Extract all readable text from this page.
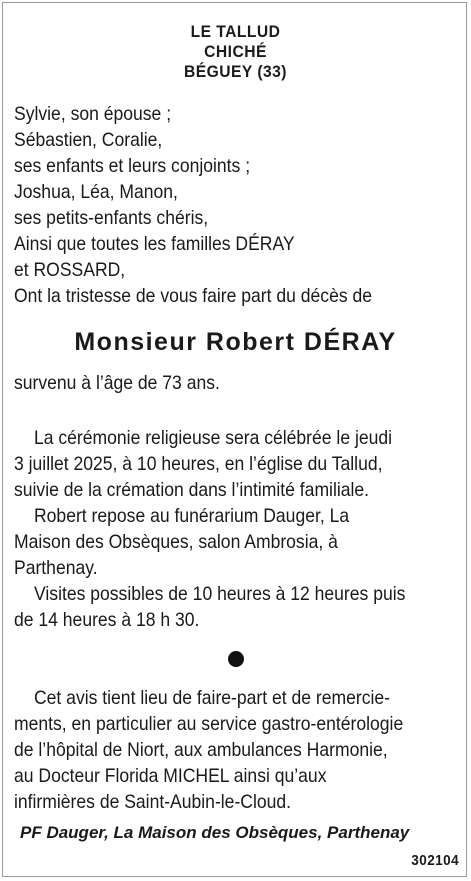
LE TALLUD
CHICHÉ
BÉGUEY (33)
Sylvie, son épouse ;
Sébastien, Coralie,
ses enfants et leurs conjoints ;
Joshua, Léa, Manon,
ses petits-enfants chéris,
Ainsi que toutes les familles DÉRAY
et ROSSARD,
Ont la tristesse de vous faire part du décès de
Monsieur Robert DÉRAY
survenu à l’âge de 73 ans.
La cérémonie religieuse sera célébrée le jeudi
3 juillet 2025, à 10 heures, en l’église du Tallud,
suivie de la crémation dans l’intimité familiale.
Robert repose au funérarium Dauger, La
Maison des Obsèques, salon Ambrosia, à
Parthenay.
Visites possibles de 10 heures à 12 heures puis
de 14 heures à 18 h 30.
Cet avis tient lieu de faire-part et de remercie-
ments, en particulier au service gastro-entérologie
de l’hôpital de Niort, aux ambulances Harmonie,
au Docteur Florida MICHEL ainsi qu’aux
infirmières de Saint-Aubin-le-Cloud.
PF Dauger, La Maison des Obsèques, Parthenay
302104
